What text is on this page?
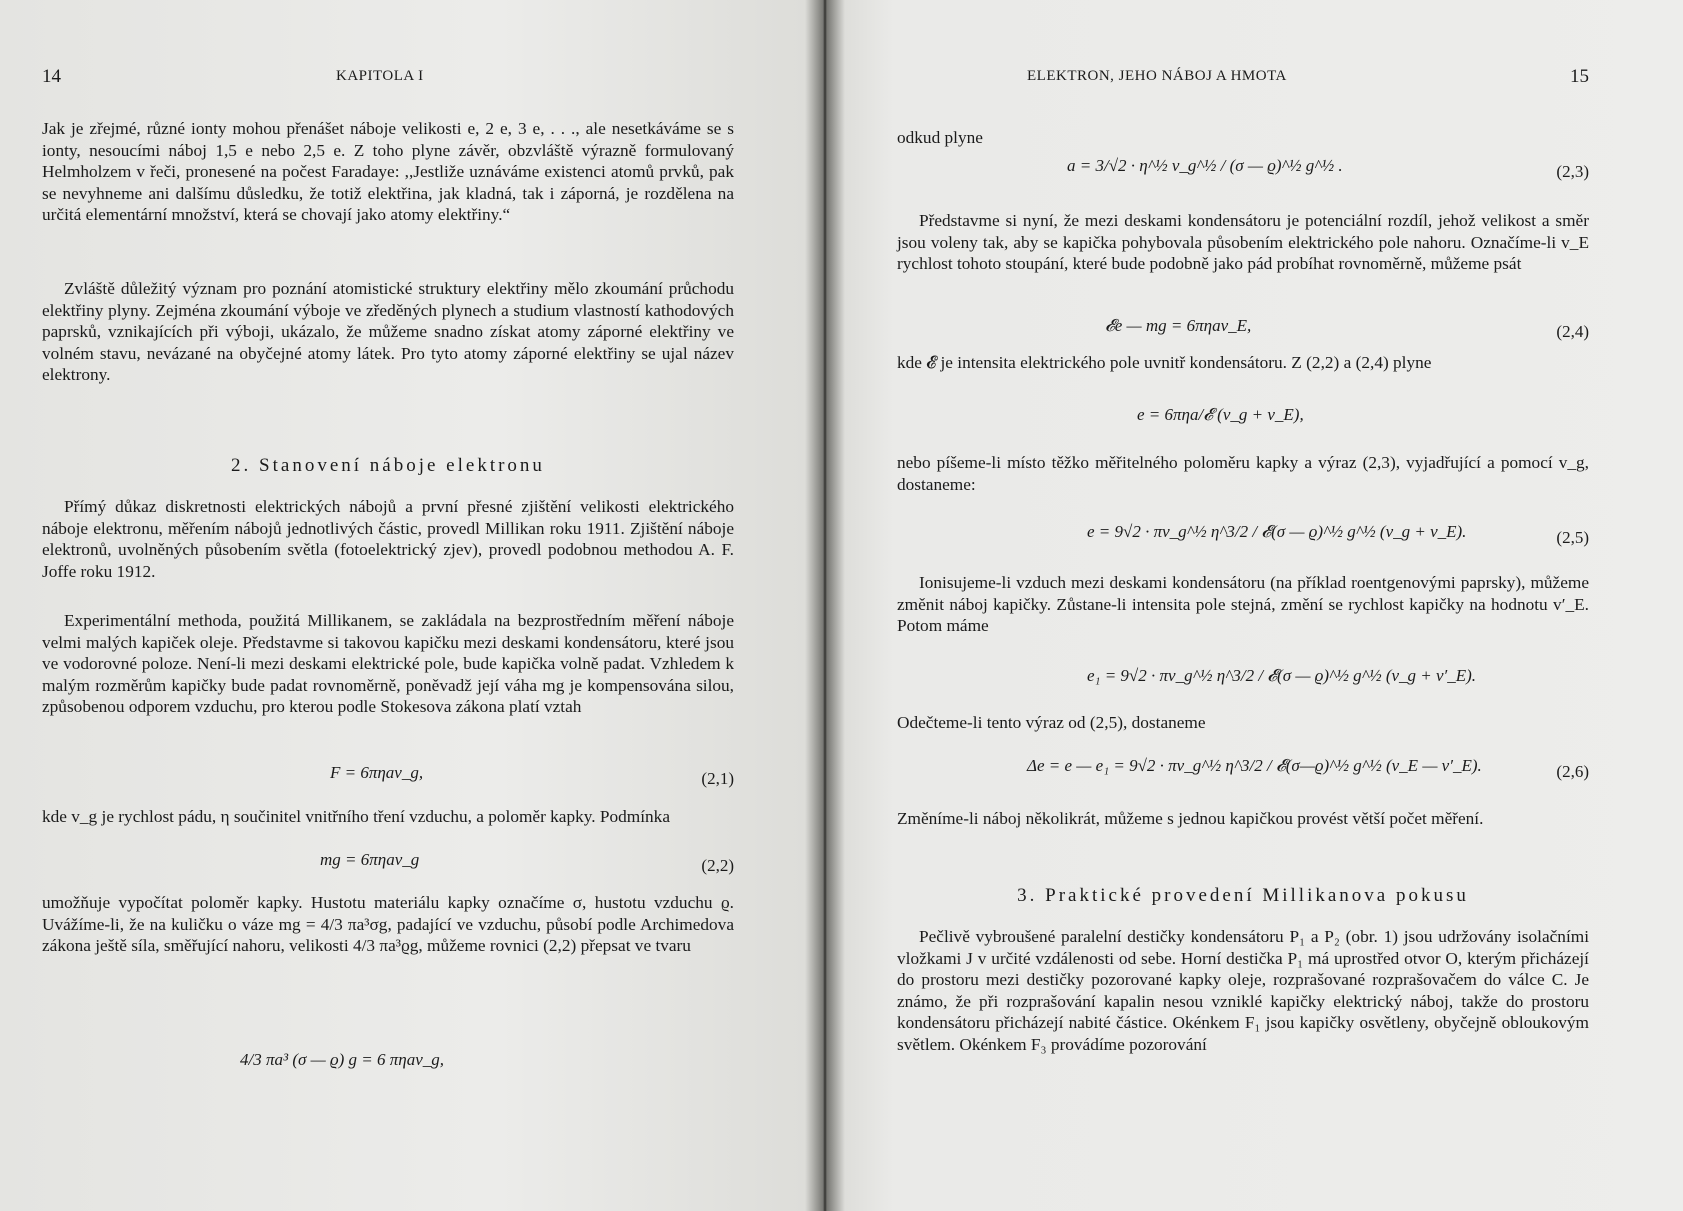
14	KAPITOLA I

Jak je zřejmé, různé ionty mohou přenášet náboje velikosti e, 2 e, 3 e, . . ., ale nesetkáváme se s ionty, nesoucími náboj 1,5 e nebo 2,5 e. Z toho plyne závěr, obzvláště výrazně formulovaný Helmholzem v řeči, pronesené na počest Faradaye: ,,Jestliže uznáváme existenci atomů prvků, pak se nevyhneme ani dalšímu důsledku, že totiž elektřina, jak kladná, tak i záporná, je rozdělena na určitá elementární množství, která se chovají jako atomy elektřiny.“

Zvláště důležitý význam pro poznání atomistické struktury elektřiny mělo zkoumání průchodu elektřiny plyny. Zejména zkoumání výboje ve zředěných plynech a studium vlastností kathodových paprsků, vznikajících při výboji, ukázalo, že můžeme snadno získat atomy záporné elektřiny ve volném stavu, nevázané na obyčejné atomy látek. Pro tyto atomy záporné elektřiny se ujal název elektrony.

2. Stanovení náboje elektronu

Přímý důkaz diskretnosti elektrických nábojů a první přesné zjištění velikosti elektrického náboje elektronu, měřením nábojů jednotlivých částic, provedl Millikan roku 1911. Zjištění náboje elektronů, uvolněných působením světla (fotoelektrický zjev), provedl podobnou methodou A. F. Joffe roku 1912.

Experimentální methoda, použitá Millikanem, se zakládala na bezprostředním měření náboje velmi malých kapiček oleje. Představme si takovou kapičku mezi deskami kondensátoru, které jsou ve vodorovné poloze. Není-li mezi deskami elektrické pole, bude kapička volně padat. Vzhledem k malým rozměrům kapičky bude padat rovnoměrně, poněvadž její váha mg je kompensována silou, způsobenou odporem vzduchu, pro kterou podle Stokesova zákona platí vztah

F = 6πηav_g,	(2,1)

kde v_g je rychlost pádu, η součinitel vnitřního tření vzduchu, a poloměr kapky. Podmínka

mg = 6πηav_g	(2,2)

umožňuje vypočítat poloměr kapky. Hustotu materiálu kapky označíme σ, hustotu vzduchu ϱ. Uvážíme-li, že na kuličku o váze mg = 4/3 πa³σg, padající ve vzduchu, působí podle Archimedova zákona ještě síla, směřující nahoru, velikosti 4/3 πa³ϱg, můžeme rovnici (2,2) přepsat ve tvaru

4/3 πa³ (σ — ϱ) g = 6 πηav_g,
ELEKTRON, JEHO NÁBOJ A HMOTA	15

odkud plyne

a = 3/√2 · η^½ v_g^½ / (σ — ϱ)^½ g^½ .	(2,3)

Představme si nyní, že mezi deskami kondensátoru je potenciální rozdíl, jehož velikost a směr jsou voleny tak, aby se kapička pohybovala působením elektrického pole nahoru. Označíme-li v_E rychlost tohoto stoupání, které bude podobně jako pád probíhat rovnoměrně, můžeme psát

𝓔e — mg = 6πηav_E,	(2,4)

kde 𝓔 je intensita elektrického pole uvnitř kondensátoru. Z (2,2) a (2,4) plyne

e = 6πηa/𝓔 (v_g + v_E),

nebo píšeme-li místo těžko měřitelného poloměru kapky a výraz (2,3), vyjadřující a pomocí v_g, dostaneme:

e = 9√2 · πv_g^½ η^3/2 / 𝓔(σ — ϱ)^½ g^½ (v_g + v_E).	(2,5)

Ionisujeme-li vzduch mezi deskami kondensátoru (na příklad roentgenovými paprsky), můžeme změnit náboj kapičky. Zůstane-li intensita pole stejná, změní se rychlost kapičky na hodnotu v′_E. Potom máme

e₁ = 9√2 · πv_g^½ η^3/2 / 𝓔(σ — ϱ)^½ g^½ (v_g + v′_E).

Odečteme-li tento výraz od (2,5), dostaneme

Δe = e — e₁ = 9√2 · πv_g^½ η^3/2 / 𝓔(σ—ϱ)^½ g^½ (v_E — v′_E).	(2,6)

Změníme-li náboj několikrát, můžeme s jednou kapičkou provést větší počet měření.

3. Praktické provedení Millikanova pokusu

Pečlivě vybroušené paralelní destičky kondensátoru P₁ a P₂ (obr. 1) jsou udržovány isolačními vložkami J v určité vzdálenosti od sebe. Horní destička P₁ má uprostřed otvor O, kterým přicházejí do prostoru mezi destičky pozorované kapky oleje, rozprašované rozprašovačem do válce C. Je známo, že při rozprašování kapalin nesou vzniklé kapičky elektrický náboj, takže do prostoru kondensátoru přicházejí nabité částice. Okénkem F₁ jsou kapičky osvětleny, obyčejně obloukovým světlem. Okénkem F₃ provádíme pozorování
